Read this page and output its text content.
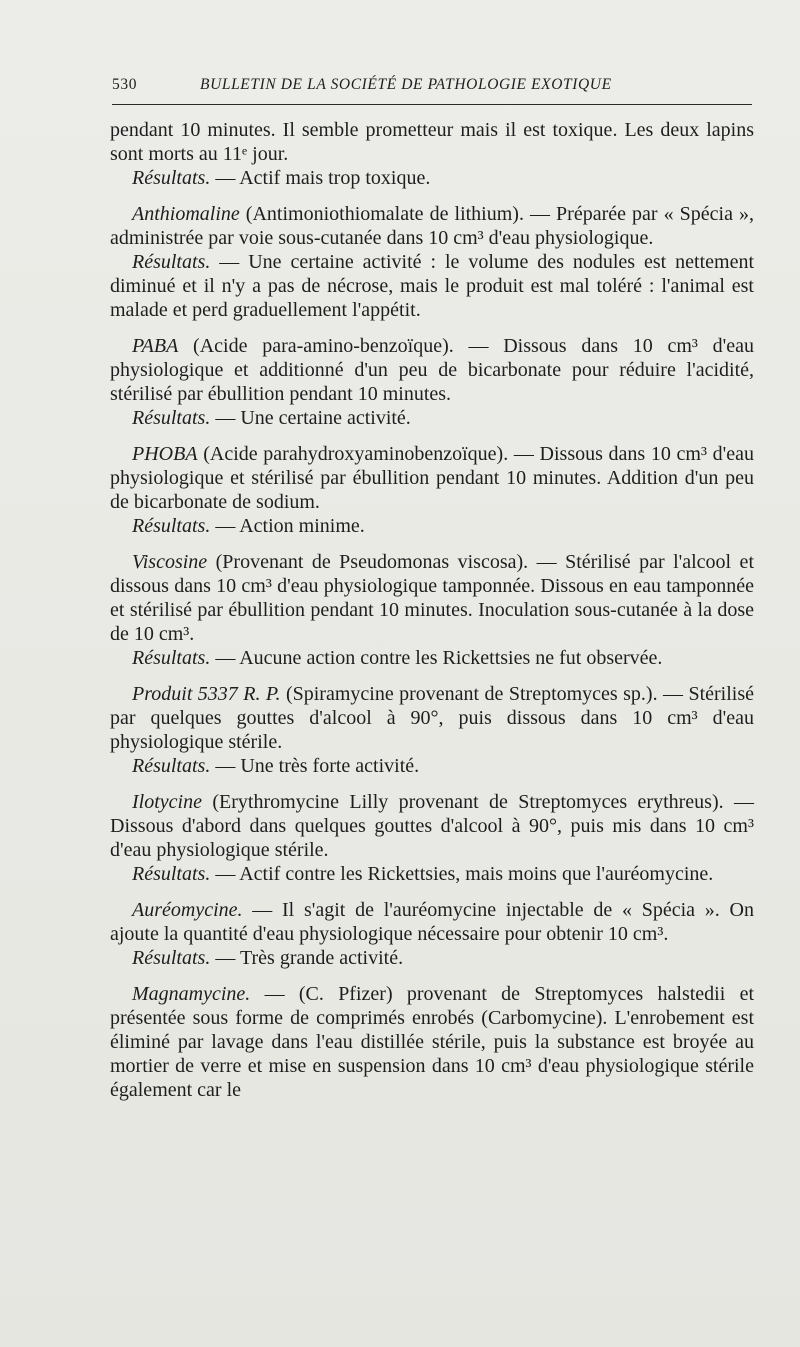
530	BULLETIN DE LA SOCIÉTÉ DE PATHOLOGIE EXOTIQUE

pendant 10 minutes. Il semble prometteur mais il est toxique. Les deux lapins sont morts au 11ᵉ jour.

Résultats. — Actif mais trop toxique.

Anthiomaline (Antimoniothiomalate de lithium). — Préparée par « Spécia », administrée par voie sous-cutanée dans 10 cm³ d'eau physiologique.

Résultats. — Une certaine activité : le volume des nodules est nettement diminué et il n'y a pas de nécrose, mais le produit est mal toléré : l'animal est malade et perd graduellement l'appétit.

PABA (Acide para-amino-benzoïque). — Dissous dans 10 cm³ d'eau physiologique et additionné d'un peu de bicarbonate pour réduire l'acidité, stérilisé par ébullition pendant 10 minutes.

Résultats. — Une certaine activité.

PHOBA (Acide parahydroxyaminobenzoïque). — Dissous dans 10 cm³ d'eau physiologique et stérilisé par ébullition pendant 10 minutes. Addition d'un peu de bicarbonate de sodium.

Résultats. — Action minime.

Viscosine (Provenant de Pseudomonas viscosa). — Stérilisé par l'alcool et dissous dans 10 cm³ d'eau physiologique tamponnée. Dissous en eau tamponnée et stérilisé par ébullition pendant 10 minutes. Inoculation sous-cutanée à la dose de 10 cm³.

Résultats. — Aucune action contre les Rickettsies ne fut observée.

Produit 5337 R. P. (Spiramycine provenant de Streptomyces sp.). — Stérilisé par quelques gouttes d'alcool à 90°, puis dissous dans 10 cm³ d'eau physiologique stérile.

Résultats. — Une très forte activité.

Ilotycine (Erythromycine Lilly provenant de Streptomyces erythreus). — Dissous d'abord dans quelques gouttes d'alcool à 90°, puis mis dans 10 cm³ d'eau physiologique stérile.

Résultats. — Actif contre les Rickettsies, mais moins que l'auréomycine.

Auréomycine. — Il s'agit de l'auréomycine injectable de « Spécia ». On ajoute la quantité d'eau physiologique nécessaire pour obtenir 10 cm³.

Résultats. — Très grande activité.

Magnamycine. — (C. Pfizer) provenant de Streptomyces halstedii et présentée sous forme de comprimés enrobés (Carbomycine). L'enrobement est éliminé par lavage dans l'eau distillée stérile, puis la substance est broyée au mortier de verre et mise en suspension dans 10 cm³ d'eau physiologique stérile également car le
